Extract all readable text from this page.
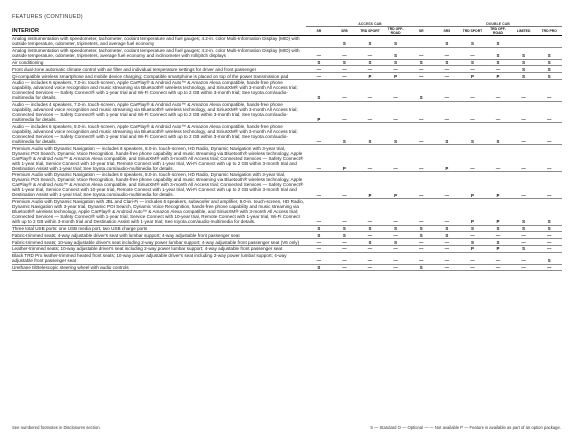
FEATURES (CONTINUED)
	ACCESS CAB					DOUBLE CAB				
INTERIOR	SR	SR5	TRD SPORT	TRD OFF-ROAD	SR	SR5	TRD SPORT	TRD OFF-ROAD	LIMITED	TRD PRO
Analog instrumentation with speedometer, tachometer, coolant temperature and fuel gauges; 4.2-in. color Multi-Information Display (MID) with outside temperature, odometer, tripmeters, and average fuel economy		S	S	S		S	S	S		
Analog instrumentation with speedometer, tachometer, coolant temperature and fuel gauges; 4.2-in. color Multi-Information Display (MID) with outside temperature, odometer, tripmeters, average fuel economy and inclinometer with roll/pitch displays	—	—	—	S	—	—	—	S	S	S
Air conditioning	S	S	S	S	S	S	S	S	S	S
Front dual-zone automatic climate control with air filter and individual temperature settings for driver and front passenger	—	—	—	—	—	—	—	—	S	S
Qi-compatible wireless smartphone and mobile device charging; Compatible smartphone is placed on top of the power transmission pad	—	—	P	P	—	—	P	P	S	S
Audio — includes 6 speakers, 7.0-in. touch-screen, Apple CarPlay® & Android Auto™ & Amazon Alexa compatible, hands-free phone capability, advanced voice recognition and music streaming via Bluetooth® wireless technology, and SiriusXM® with 3-month All Access trial; Connected Services — Safety Connect® with 1-year trial and Wi-Fi Connect with up to 2 GB within 3-month trial; See toyota.com/audio-multimedia for details.	S	—	—	—	S	—	—	—	—	—
Audio — includes 4 speakers, 7.0-in. touch-screen, Apple CarPlay® & Android Auto™ & Amazon Alexa compatible, hands-free phone capability, advanced voice recognition and music streaming via Bluetooth® wireless technology, and SiriusXM® with 3-month All Access trial; Connected Services — Safety Connect® with 1-year trial and Wi-Fi Connect with up to 2 GB within 3-month trial; See toyota.com/audio-multimedia for details.	P	—	—	—	—	—	—	—	—	—
Audio — includes 6 speakers, 8.0-in. touch-screen, Apple CarPlay® & Android Auto™ & Amazon Alexa compatible, hands-free phone capability, advanced voice recognition and music streaming via Bluetooth® wireless technology, and SiriusXM® with 3-month All Access trial; Connected Services — Safety Connect® with 1-year trial and Wi-Fi Connect with up to 2 GB within 3-month trial; See toyota.com/audio-multimedia for details.	—	S	S	S	—	S	S	S	—	—
Premium Audio with Dynamic Navigation — includes 6 speakers, 8.0-in. touch-screen, HD Radio, Dynamic Navigation with 3-year trial, Dynamic POI Search, Dynamic Voice Recognition, hands-free phone capability and music streaming via Bluetooth® wireless technology, Apple CarPlay® & Android Auto™ & Amazon Alexa compatible, and SiriusXM® with 3-month All Access trial; Connected Services — Safety Connect® with 1-year trial, Service Connect with 10-year trial, Remote Connect with 1-year trial, Wi-Fi Connect with up to 2 GB within 3-month trial and Destination Assist with 1-year trial; See toyota.com/audio-multimedia for details.	—	P	—	—	—	P	—	—	—	—
Premium Audio with Dynamic Navigation — includes 6 speakers, 8.0-in. touch-screen, HD Radio, Dynamic Navigation with 3-year trial, Dynamic POI Search, Dynamic Voice Recognition, hands-free phone capability and music streaming via Bluetooth® wireless technology, Apple CarPlay® & Android Auto™ & Amazon Alexa compatible, and SiriusXM® with 3-month All Access trial; Connected Services — Safety Connect® with 1-year trial, Service Connect with 10-year trial, Remote Connect with 1-year trial, Wi-Fi Connect with up to 2 GB within 3-month trial and Destination Assist with 1-year trial; See toyota.com/audio-multimedia for details.	—	—	P	P	—	—	P	P	—	—
Premium Audio with Dynamic Navigation with JBL and Clari-Fi — includes 6 speakers, subwoofer and amplifier, 8.0-in. touch-screen, HD Radio, Dynamic Navigation with 3-year trial, Dynamic POI Search, Dynamic Voice Recognition, hands-free phone capability and music streaming via Bluetooth® wireless technology, Apple CarPlay® & Android Auto™ & Amazon Alexa compatible, and SiriusXM® with 3-month All Access trial; Connected Services — Safety Connect® with 1-year trial, Service Connect with 10-year trial, Remote Connect with 1-year trial, Wi-Fi Connect with up to 2 GB within 3-month trial and Destination Assist with 1-year trial; See toyota.com/audio-multimedia for details.	—	—	—	—	—	—	P	P	S	S
Three total USB ports: one USB media port, two USB charge ports	S	S	S	S	S	S	S	S	S	S
Fabric-trimmed seats; 4-way adjustable driver's seat with lumbar support; 4-way adjustable front passenger seat	S	S	—	—	S	S	—	—	—	—
Fabric-trimmed seats; 10-way adjustable driver's seat including 2-way power lumbar support; 4-way adjustable front passenger seat (V6 only)	—	—	S	S	—	—	S	S	—	—
Leather-trimmed seats; 10-way adjustable driver's seat including 2-way power lumbar support; 4-way adjustable front passenger seat	—	—	—	—	—	—	P	P	S	—
Black TRD Pro leather-trimmed heated front seats; 10-way power adjustable driver's seat including 2-way power lumbar support; 4-way adjustable front passenger seat	—	—	—	—	—	—	—	—	—	S
Urethane tilt/telescopic steering wheel with audio controls	S	—	—	—	S	—	—	—	—	—
See numbered footnotes in Disclosures section.	S — Standard O — Optional — — Not available P — Feature is available as part of an option package.
